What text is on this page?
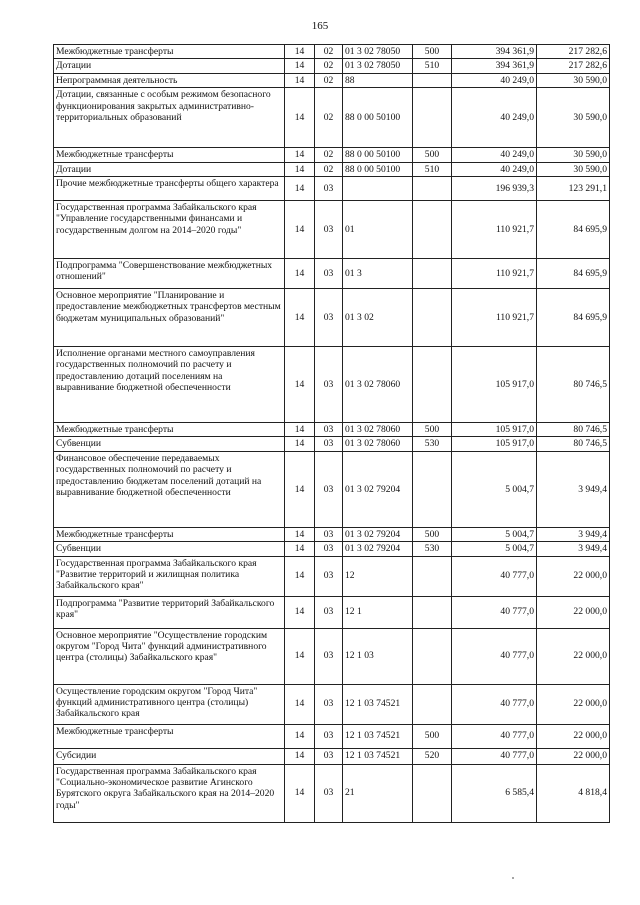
165
Межбюджетные трансферты	14	02	01 3 02 78050	500	394 361,9	217 282,6
Дотации	14	02	01 3 02 78050	510	394 361,9	217 282,6
Непрограммная деятельность	14	02	88		40 249,0	30 590,0
Дотации, связанные с особым режимом безопасного функционирования закрытых административно-территориальных образований	14	02	88 0 00 50100		40 249,0	30 590,0
Межбюджетные трансферты	14	02	88 0 00 50100	500	40 249,0	30 590,0
Дотации	14	02	88 0 00 50100	510	40 249,0	30 590,0
Прочие межбюджетные трансферты общего характера	14	03			196 939,3	123 291,1
Государственная программа Забайкальского края "Управление государственными финансами и государственным долгом на 2014–2020 годы"	14	03	01		110 921,7	84 695,9
Подпрограмма "Совершенствование межбюджетных отношений"	14	03	01 3		110 921,7	84 695,9
Основное мероприятие "Планирование и предоставление межбюджетных трансфертов местным бюджетам муниципальных образований"	14	03	01 3 02		110 921,7	84 695,9
Исполнение органами местного самоуправления государственных полномочий по расчету и предоставлению дотаций поселениям на выравнивание бюджетной обеспеченности	14	03	01 3 02 78060		105 917,0	80 746,5
Межбюджетные трансферты	14	03	01 3 02 78060	500	105 917,0	80 746,5
Субвенции	14	03	01 3 02 78060	530	105 917,0	80 746,5
Финансовое обеспечение передаваемых государственных полномочий по расчету и предоставлению бюджетам поселений дотаций на выравнивание бюджетной обеспеченности	14	03	01 3 02 79204		5 004,7	3 949,4
Межбюджетные трансферты	14	03	01 3 02 79204	500	5 004,7	3 949,4
Субвенции	14	03	01 3 02 79204	530	5 004,7	3 949,4
Государственная программа Забайкальского края "Развитие территорий и жилищная политика Забайкальского края"	14	03	12		40 777,0	22 000,0
Подпрограмма "Развитие территорий Забайкальского края"	14	03	12 1		40 777,0	22 000,0
Основное мероприятие "Осуществление городским округом "Город Чита" функций административного центра (столицы) Забайкальского края"	14	03	12 1 03		40 777,0	22 000,0
Осуществление городским округом "Город Чита" функций административного центра (столицы) Забайкальского края	14	03	12 1 03 74521		40 777,0	22 000,0
Межбюджетные трансферты	14	03	12 1 03 74521	500	40 777,0	22 000,0
Субсидии	14	03	12 1 03 74521	520	40 777,0	22 000,0
Государственная программа Забайкальского края "Социально-экономическое развитие Агинского Бурятского округа Забайкальского края на 2014–2020 годы"	14	03	21		6 585,4	4 818,4
